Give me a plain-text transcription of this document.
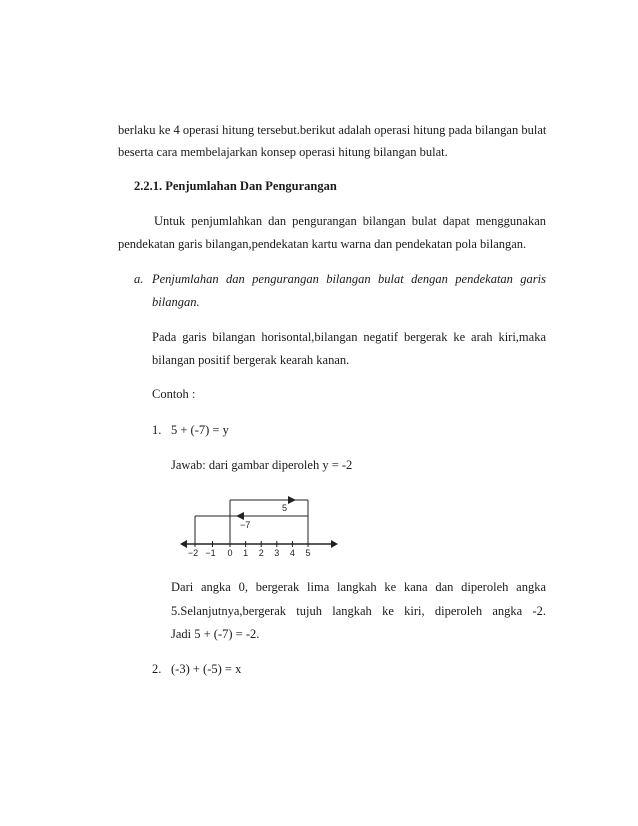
berlaku ke 4 operasi hitung tersebut.berikut adalah operasi hitung pada bilangan bulat
beserta cara membelajarkan konsep operasi hitung bilangan bulat.
2.2.1. Penjumlahan Dan Pengurangan
Untuk penjumlahkan dan pengurangan bilangan bulat dapat menggunakan
pendekatan garis bilangan,pendekatan kartu warna dan pendekatan pola bilangan.
a. Penjumlahan dan pengurangan bilangan bulat dengan pendekatan garis
bilangan.
Pada garis bilangan horisontal,bilangan negatif bergerak ke arah kiri,maka
bilangan positif bergerak kearah kanan.
Contoh :
1. 5 + (-7) = y
Jawab: dari gambar diperoleh y = -2
5
−7
−2 −1 0 1 2 3 4 5
Dari angka 0, bergerak lima langkah ke kana dan diperoleh angka
5.Selanjutnya,bergerak tujuh langkah ke kiri, diperoleh angka -2.
Jadi 5 + (-7) = -2.
2. (-3) + (-5) = x
